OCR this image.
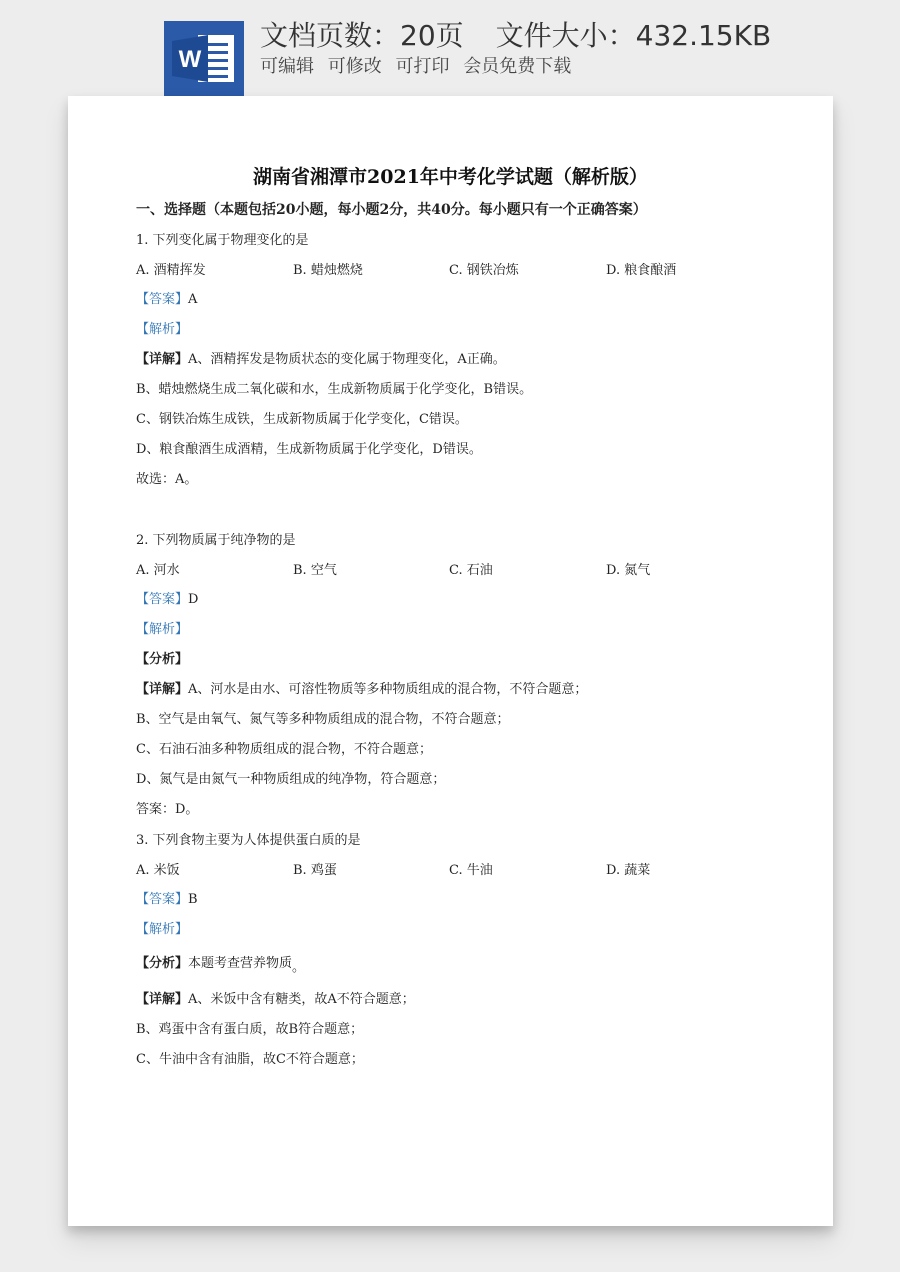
W
文档页数：20页 文件大小：432.15KB
可编辑 可修改 可打印 会员免费下载
湖南省湘潭市2021年中考化学试题（解析版）
一、选择题（本题包括20小题，每小题2分，共40分。每小题只有一个正确答案）
1. 下列变化属于物理变化的是
A. 酒精挥发	B. 蜡烛燃烧	C. 钢铁冶炼	D. 粮食酿酒
【答案】A
【解析】
【详解】A、酒精挥发是物质状态的变化属于物理变化，A正确。
B、蜡烛燃烧生成二氧化碳和水，生成新物质属于化学变化，B错误。
C、钢铁冶炼生成铁，生成新物质属于化学变化，C错误。
D、粮食酿酒生成酒精，生成新物质属于化学变化，D错误。
故选：A。
2. 下列物质属于纯净物的是
A. 河水	B. 空气	C. 石油	D. 氮气
【答案】D
【解析】
【分析】
【详解】A、河水是由水、可溶性物质等多种物质组成的混合物，不符合题意；
B、空气是由氧气、氮气等多种物质组成的混合物，不符合题意；
C、石油石油多种物质组成的混合物，不符合题意；
D、氮气是由氮气一种物质组成的纯净物，符合题意；
答案：D。
3. 下列食物主要为人体提供蛋白质的是
A. 米饭	B. 鸡蛋	C. 牛油	D. 蔬菜
【答案】B
【解析】
【分析】本题考查营养物质。
【详解】A、米饭中含有糖类，故A不符合题意；
B、鸡蛋中含有蛋白质，故B符合题意；
C、牛油中含有油脂，故C不符合题意；
